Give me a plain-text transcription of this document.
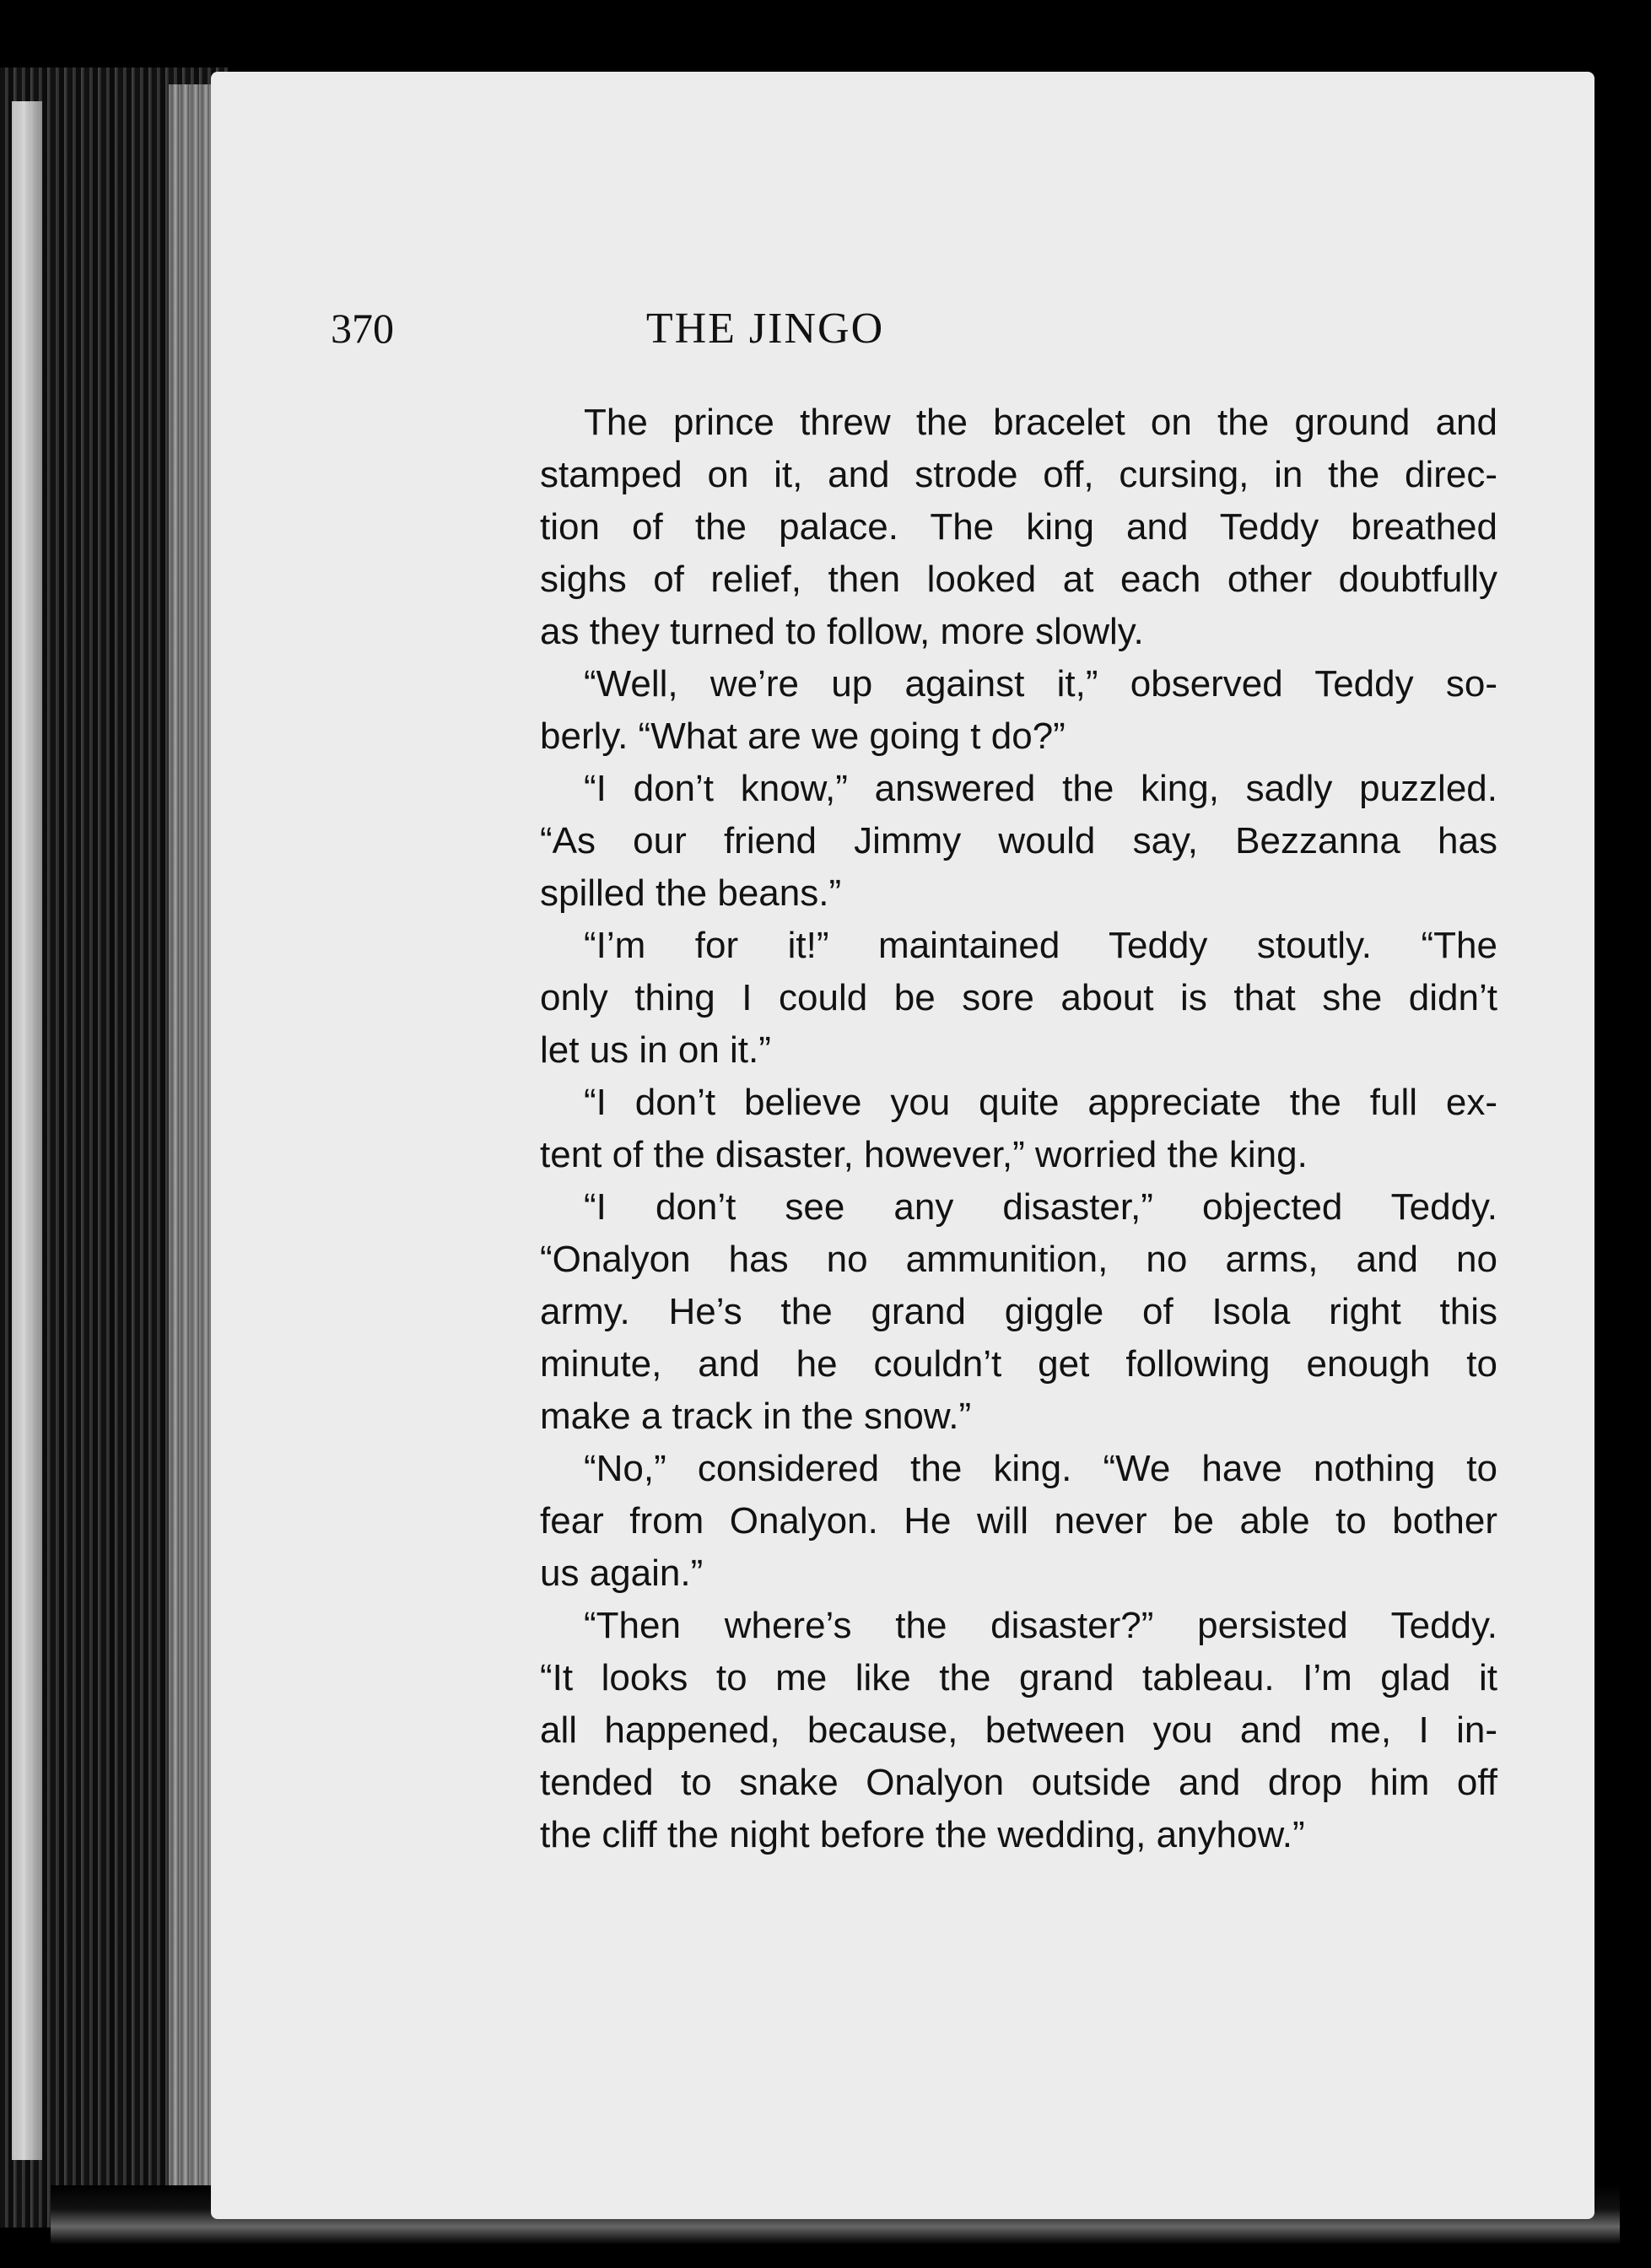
370	THE JINGO
The prince threw the bracelet on the ground and
stamped on it, and strode off, cursing, in the direc-
tion of the palace. The king and Teddy breathed
sighs of relief, then looked at each other doubtfully
as they turned to follow, more slowly.
“Well, we’re up against it,” observed Teddy so-
berly. “What are we going t do?”
“I don’t know,” answered the king, sadly puzzled.
“As our friend Jimmy would say, Bezzanna has
spilled the beans.”
“I’m for it!” maintained Teddy stoutly. “The
only thing I could be sore about is that she didn’t
let us in on it.”
“I don’t believe you quite appreciate the full ex-
tent of the disaster, however,” worried the king.
“I don’t see any disaster,” objected Teddy.
“Onalyon has no ammunition, no arms, and no
army. He’s the grand giggle of Isola right this
minute, and he couldn’t get following enough to
make a track in the snow.”
“No,” considered the king. “We have nothing to
fear from Onalyon. He will never be able to bother
us again.”
“Then where’s the disaster?” persisted Teddy.
“It looks to me like the grand tableau. I’m glad it
all happened, because, between you and me, I in-
tended to snake Onalyon outside and drop him off
the cliff the night before the wedding, anyhow.”
